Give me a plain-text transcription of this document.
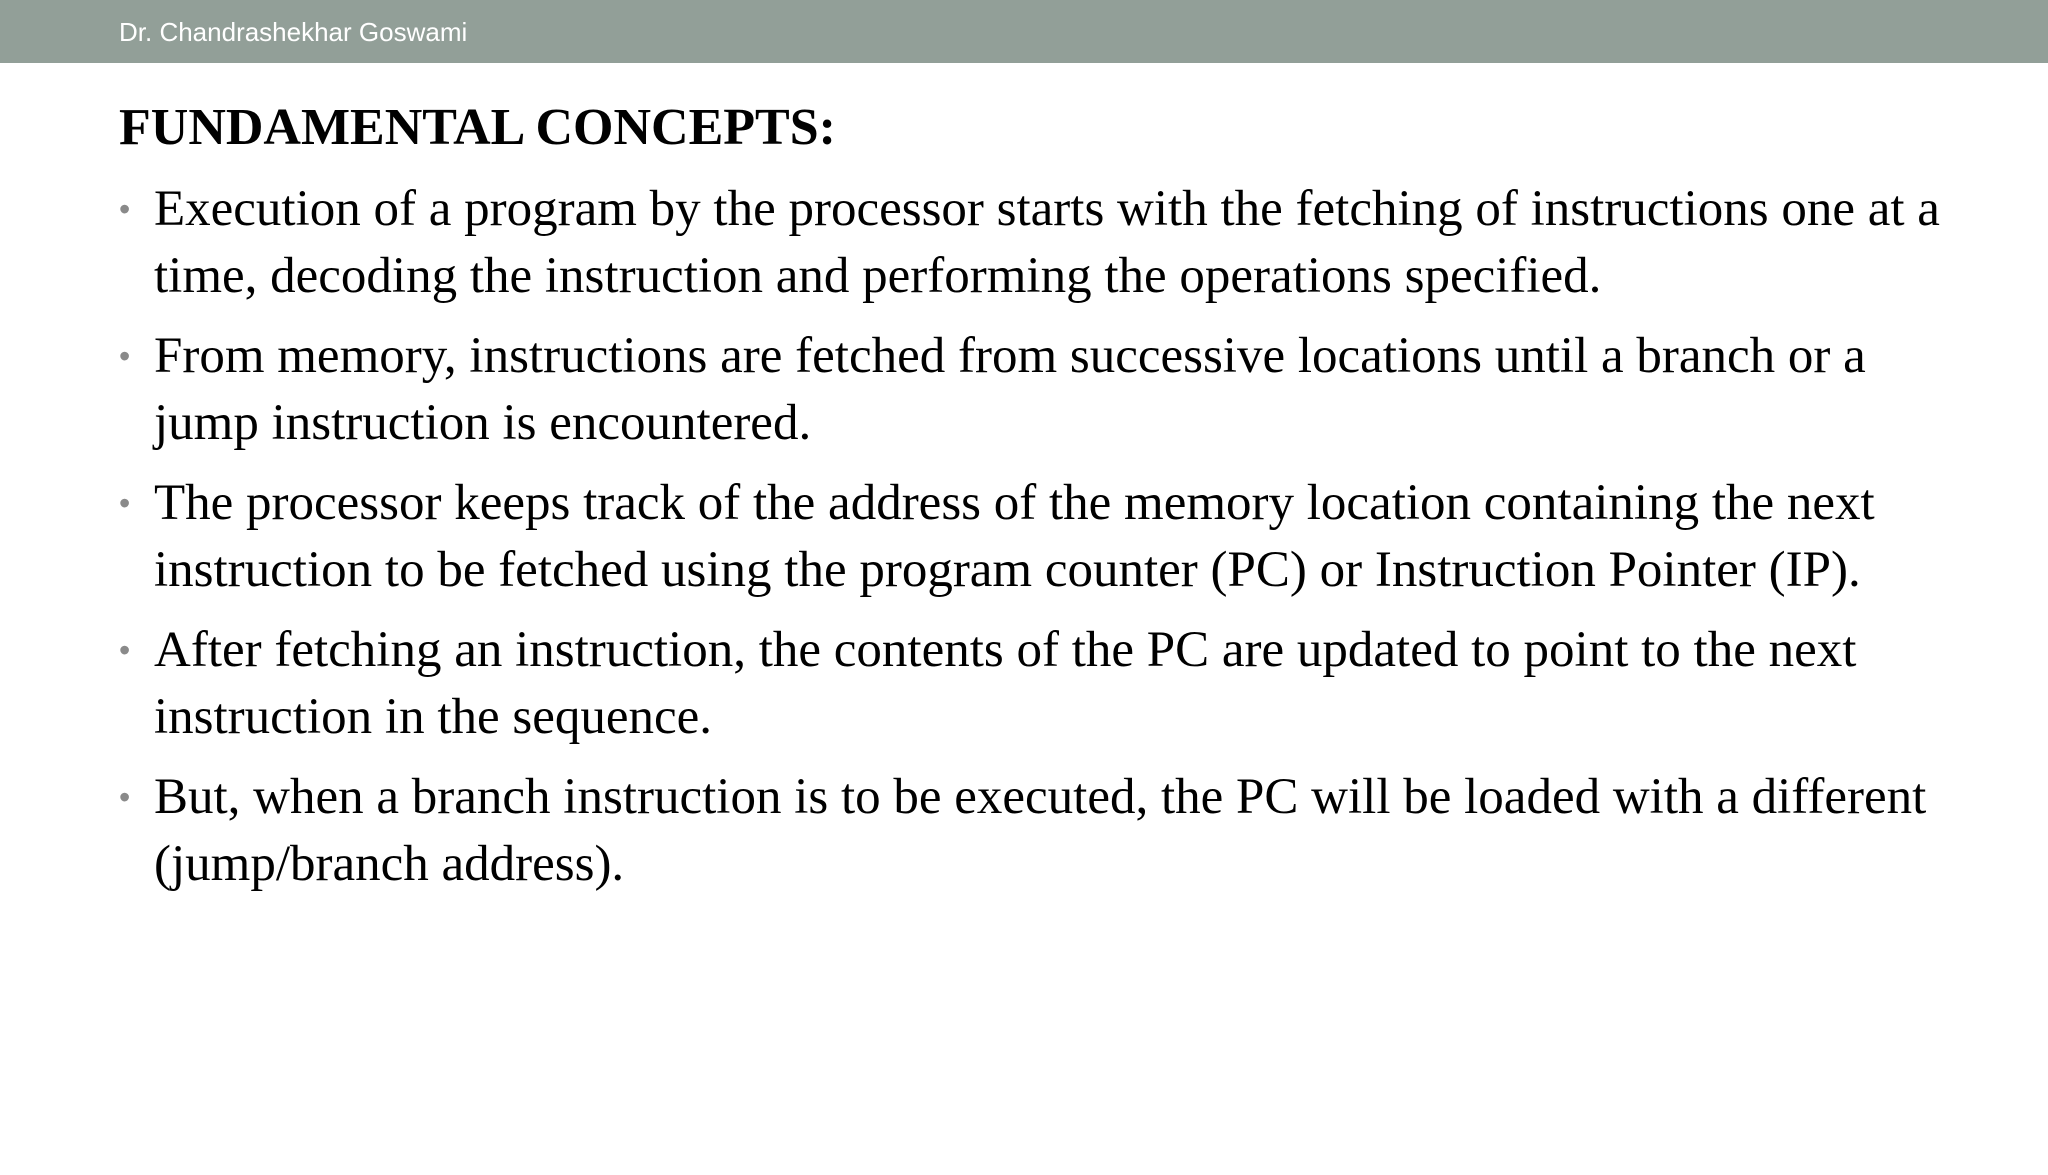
Dr. Chandrashekhar Goswami
FUNDAMENTAL CONCEPTS:
• Execution of a program by the processor starts with the fetching of instructions one at a time, decoding the instruction and performing the operations specified.
• From memory, instructions are fetched from successive locations until a branch or a jump instruction is encountered.
• The processor keeps track of the address of the memory location containing the next instruction to be fetched using the program counter (PC) or Instruction Pointer (IP).
• After fetching an instruction, the contents of the PC are updated to point to the next instruction in the sequence.
• But, when a branch instruction is to be executed, the PC will be loaded with a different (jump/branch address).
